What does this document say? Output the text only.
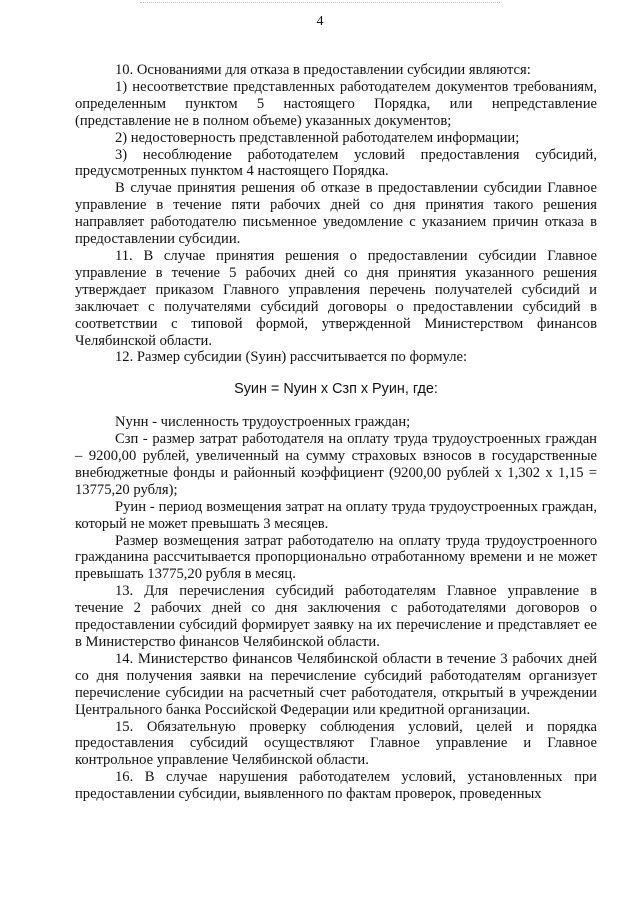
4

10. Основаниями для отказа в предоставлении субсидии являются:

1) несоответствие представленных работодателем документов требованиям, определенным пунктом 5 настоящего Порядка, или непредставление (представление не в полном объеме) указанных документов;

2) недостоверность представленной работодателем информации;

3) несоблюдение работодателем условий предоставления субсидий, предусмотренных пунктом 4 настоящего Порядка.

В случае принятия решения об отказе в предоставлении субсидии Главное управление в течение пяти рабочих дней со дня принятия такого решения направляет работодателю письменное уведомление с указанием причин отказа в предоставлении субсидии.

11. В случае принятия решения о предоставлении субсидии Главное управление в течение 5 рабочих дней со дня принятия указанного решения утверждает приказом Главного управления перечень получателей субсидий и заключает с получателями субсидий договоры о предоставлении субсидий в соответствии с типовой формой, утвержденной Министерством финансов Челябинской области.

12. Размер субсидии (Sуин) рассчитывается по формуле:

Sуин = Nуин х Сзп х Руин, где:

Nунн - численность трудоустроенных граждан;

Сзп - размер затрат работодателя на оплату труда трудоустроенных граждан – 9200,00 рублей, увеличенный на сумму страховых взносов в государственные внебюджетные фонды и районный коэффициент (9200,00 рублей х 1,302 х 1,15 = 13775,20 рубля);

Руин - период возмещения затрат на оплату труда трудоустроенных граждан, который не может превышать 3 месяцев.

Размер возмещения затрат работодателю на оплату труда трудоустроенного гражданина рассчитывается пропорционально отработанному времени и не может превышать 13775,20 рубля в месяц.

13. Для перечисления субсидий работодателям Главное управление в течение 2 рабочих дней со дня заключения с работодателями договоров о предоставлении субсидий формирует заявку на их перечисление и представляет ее в Министерство финансов Челябинской области.

14. Министерство финансов Челябинской области в течение 3 рабочих дней со дня получения заявки на перечисление субсидий работодателям организует перечисление субсидии на расчетный счет работодателя, открытый в учреждении Центрального банка Российской Федерации или кредитной организации.

15. Обязательную проверку соблюдения условий, целей и порядка предоставления субсидий осуществляют Главное управление и Главное контрольное управление Челябинской области.

16. В случае нарушения работодателем условий, установленных при предоставлении субсидии, выявленного по фактам проверок, проведенных
